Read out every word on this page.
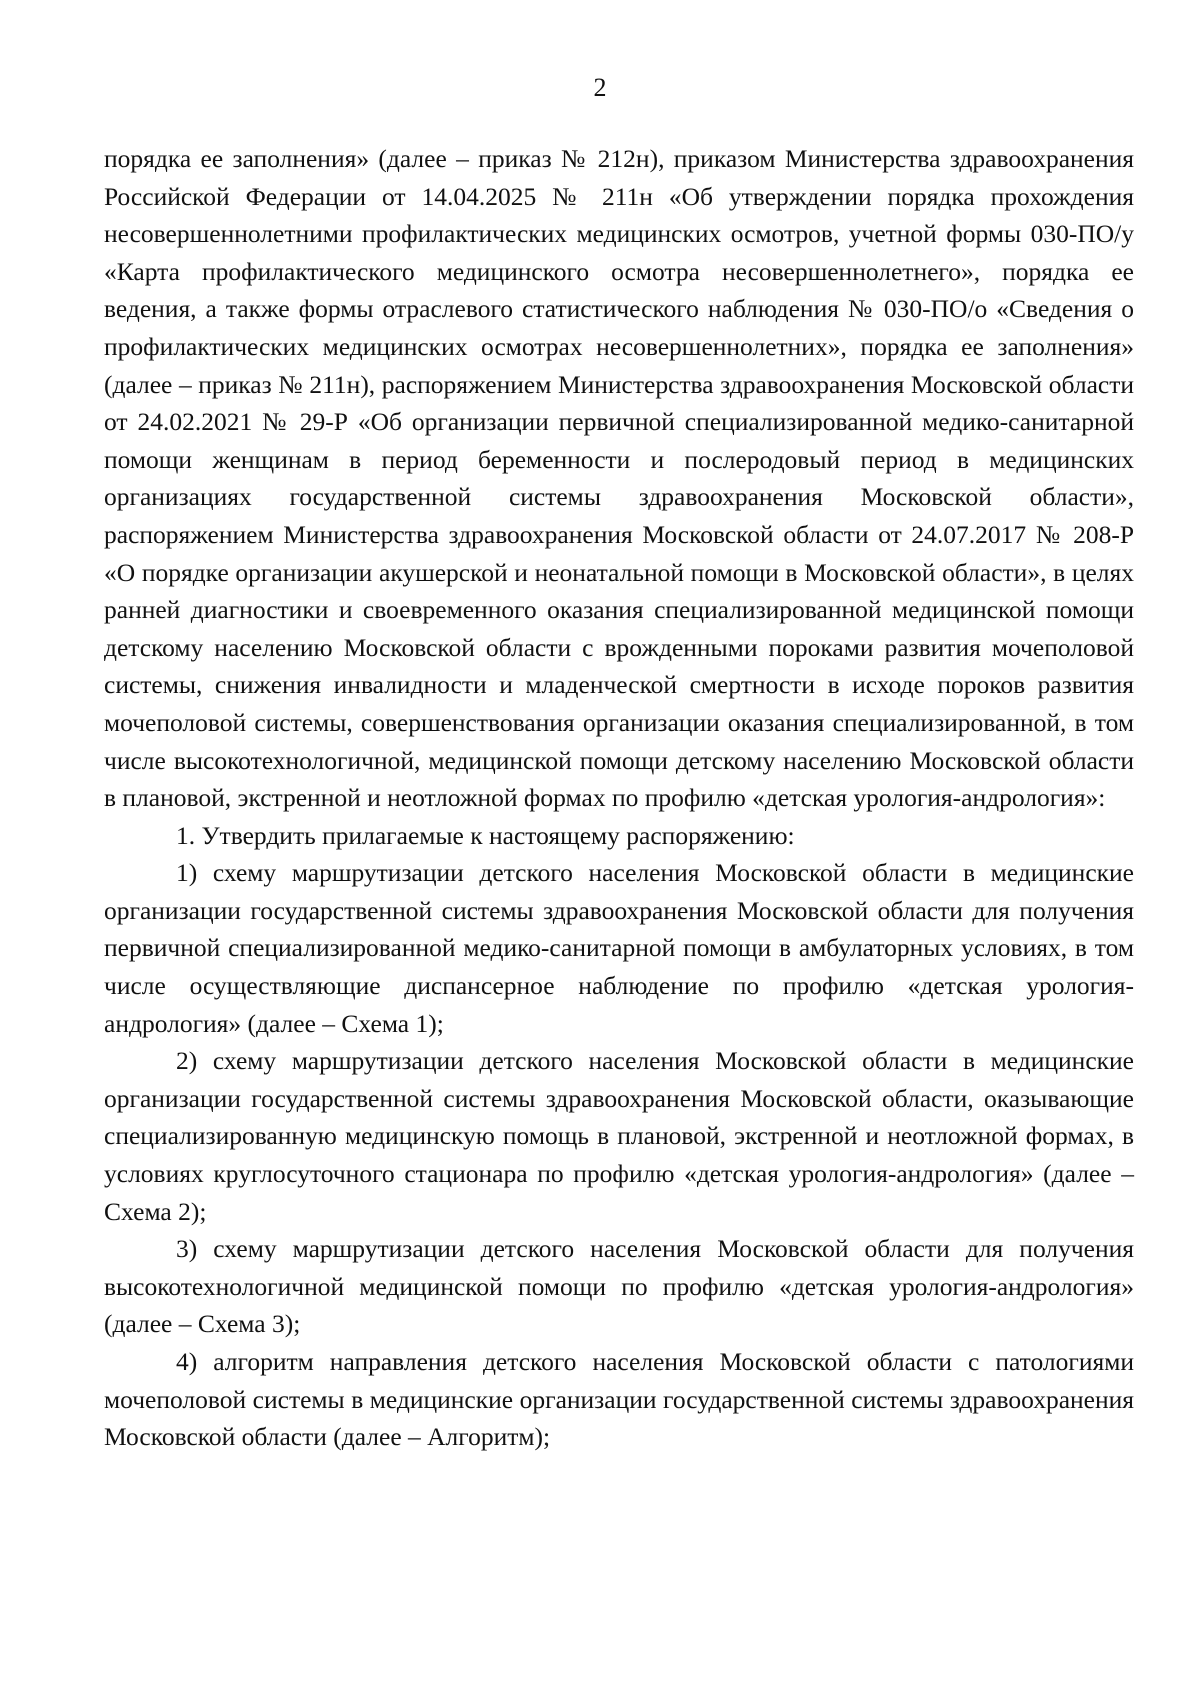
2

порядка ее заполнения» (далее – приказ № 212н), приказом Министерства здравоохранения Российской Федерации от 14.04.2025 № 211н «Об утверждении порядка прохождения несовершеннолетними профилактических медицинских осмотров, учетной формы 030-ПО/у «Карта профилактического медицинского осмотра несовершеннолетнего», порядка ее ведения, а также формы отраслевого статистического наблюдения № 030-ПО/о «Сведения о профилактических медицинских осмотрах несовершеннолетних», порядка ее заполнения» (далее – приказ № 211н), распоряжением Министерства здравоохранения Московской области от 24.02.2021 № 29-Р «Об организации первичной специализированной медико-санитарной помощи женщинам в период беременности и послеродовый период в медицинских организациях государственной системы здравоохранения Московской области», распоряжением Министерства здравоохранения Московской области от 24.07.2017 № 208-Р «О порядке организации акушерской и неонатальной помощи в Московской области», в целях ранней диагностики и своевременного оказания специализированной медицинской помощи детскому населению Московской области с врожденными пороками развития мочеполовой системы, снижения инвалидности и младенческой смертности в исходе пороков развития мочеполовой системы, совершенствования организации оказания специализированной, в том числе высокотехнологичной, медицинской помощи детскому населению Московской области в плановой, экстренной и неотложной формах по профилю «детская урология-андрология»:

1. Утвердить прилагаемые к настоящему распоряжению:

1) схему маршрутизации детского населения Московской области в медицинские организации государственной системы здравоохранения Московской области для получения первичной специализированной медико-санитарной помощи в амбулаторных условиях, в том числе осуществляющие диспансерное наблюдение по профилю «детская урология-андрология» (далее – Схема 1);

2) схему маршрутизации детского населения Московской области в медицинские организации государственной системы здравоохранения Московской области, оказывающие специализированную медицинскую помощь в плановой, экстренной и неотложной формах, в условиях круглосуточного стационара по профилю «детская урология-андрология» (далее – Схема 2);

3) схему маршрутизации детского населения Московской области для получения высокотехнологичной медицинской помощи по профилю «детская урология-андрология» (далее – Схема 3);

4) алгоритм направления детского населения Московской области с патологиями мочеполовой системы в медицинские организации государственной системы здравоохранения Московской области (далее – Алгоритм);
